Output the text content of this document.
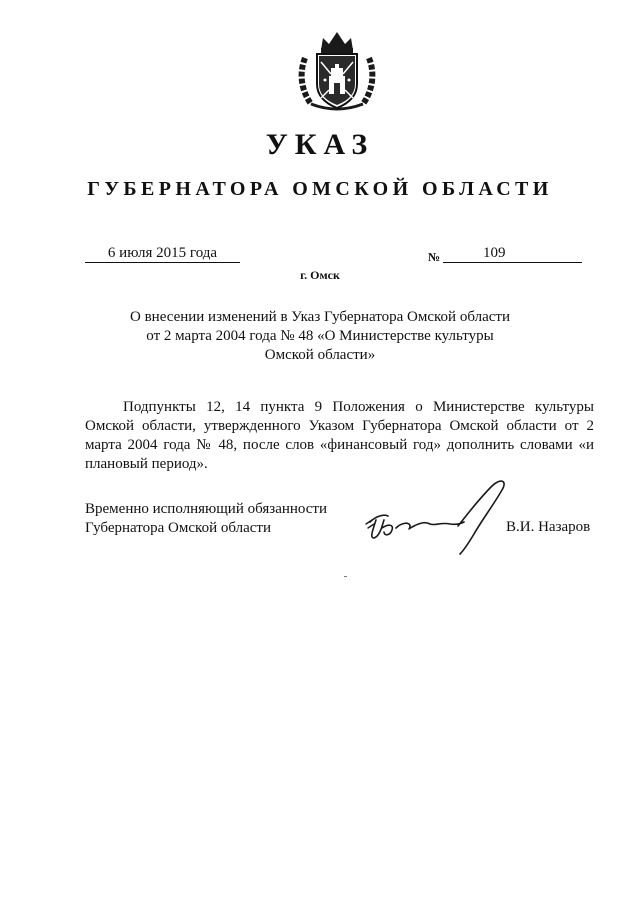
УКАЗ
ГУБЕРНАТОРА ОМСКОЙ ОБЛАСТИ
6 июля 2015 года	№	109
г. Омск
О внесении изменений в Указ Губернатора Омской области
от 2 марта 2004 года № 48 «О Министерстве культуры
Омской области»
Подпункты 12, 14 пункта 9 Положения о Министерстве культуры Омской области, утвержденного Указом Губернатора Омской области от 2 марта 2004 года № 48, после слов «финансовый год» дополнить словами «и плановый период».
Временно исполняющий обязанности
Губернатора Омской области	В.И. Назаров
